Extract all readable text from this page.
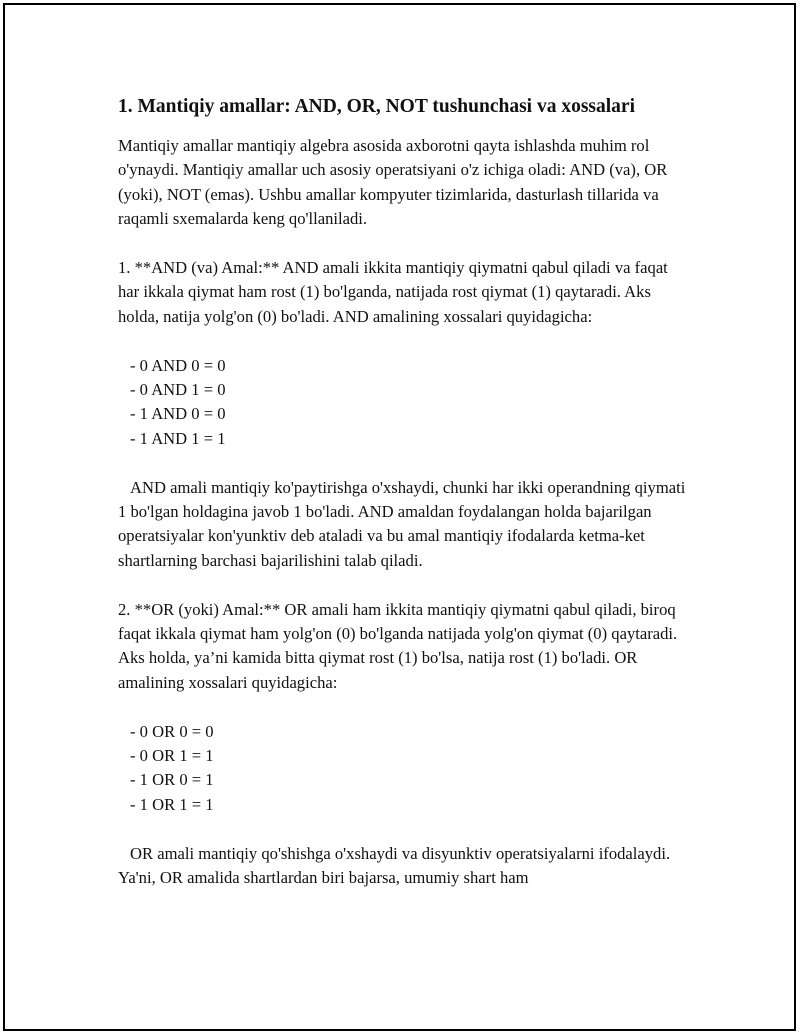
1. Mantiqiy amallar: AND, OR, NOT tushunchasi va xossalari

Mantiqiy amallar mantiqiy algebra asosida axborotni qayta ishlashda muhim rol o'ynaydi. Mantiqiy amallar uch asosiy operatsiyani o'z ichiga oladi: AND (va), OR (yoki), NOT (emas). Ushbu amallar kompyuter tizimlarida, dasturlash tillarida va raqamli sxemalarda keng qo'llaniladi.

1. **AND (va) Amal:** AND amali ikkita mantiqiy qiymatni qabul qiladi va faqat har ikkala qiymat ham rost (1) bo'lganda, natijada rost qiymat (1) qaytaradi. Aks holda, natija yolg'on (0) bo'ladi. AND amalining xossalari quyidagicha:

- 0 AND 0 = 0
- 0 AND 1 = 0
- 1 AND 0 = 0
- 1 AND 1 = 1

AND amali mantiqiy ko'paytirishga o'xshaydi, chunki har ikki operandning qiymati 1 bo'lgan holdagina javob 1 bo'ladi. AND amaldan foydalangan holda bajarilgan operatsiyalar kon'yunktiv deb ataladi va bu amal mantiqiy ifodalarda ketma-ket shartlarning barchasi bajarilishini talab qiladi.

2. **OR (yoki) Amal:** OR amali ham ikkita mantiqiy qiymatni qabul qiladi, biroq faqat ikkala qiymat ham yolg'on (0) bo'lganda natijada yolg'on qiymat (0) qaytaradi. Aks holda, ya’ni kamida bitta qiymat rost (1) bo'lsa, natija rost (1) bo'ladi. OR amalining xossalari quyidagicha:

- 0 OR 0 = 0
- 0 OR 1 = 1
- 1 OR 0 = 1
- 1 OR 1 = 1

OR amali mantiqiy qo'shishga o'xshaydi va disyunktiv operatsiyalarni ifodalaydi. Ya'ni, OR amalida shartlardan biri bajarsa, umumiy shart ham
